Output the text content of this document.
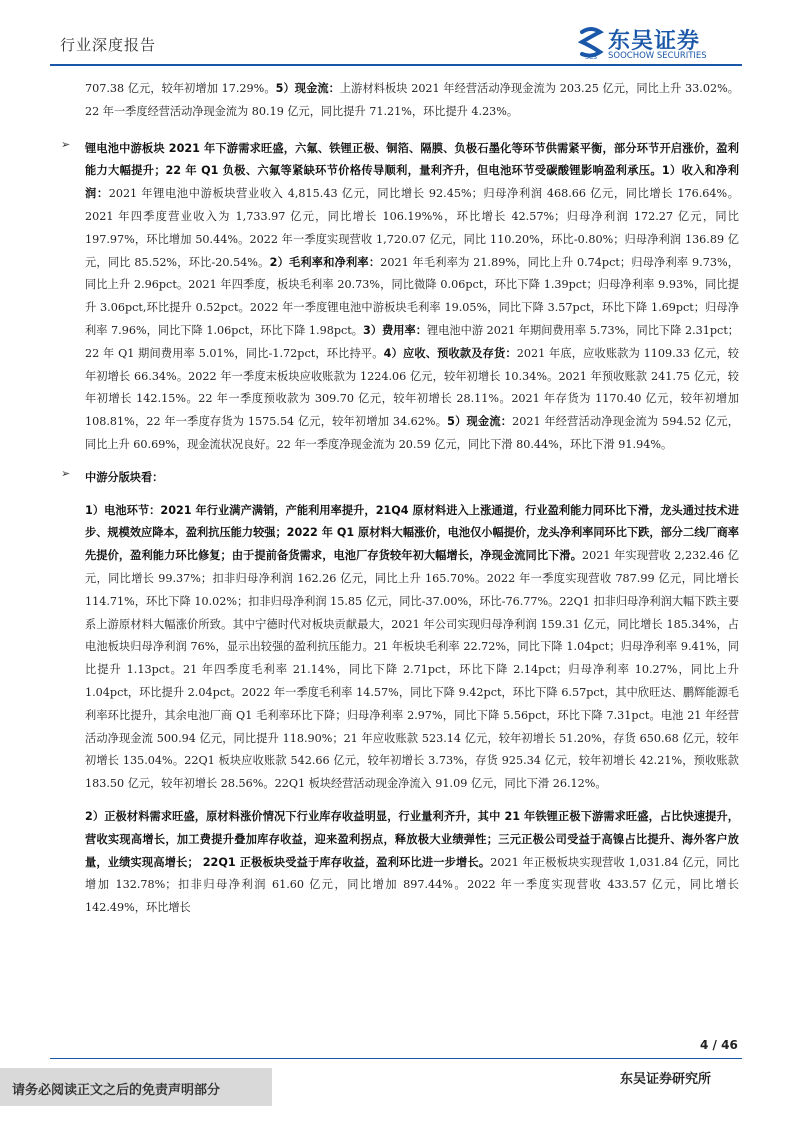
行业深度报告
SCS
东吴证券
SOOCHOW SECURITIES

707.38 亿元，较年初增加 17.29%。5）现金流：上游材料板块 2021 年经营活动净现金流为 203.25 亿元，同比上升 33.02%。22 年一季度经营活动净现金流为 80.19 亿元，同比提升 71.21%，环比提升 4.23%。

➢ 锂电池中游板块 2021 年下游需求旺盛，六氟、铁锂正极、铜箔、隔膜、负极石墨化等环节供需紧平衡，部分环节开启涨价，盈利能力大幅提升；22 年 Q1 负极、六氟等紧缺环节价格传导顺利，量利齐升，但电池环节受碳酸锂影响盈利承压。1）收入和净利润：2021 年锂电池中游板块营业收入 4,815.43 亿元，同比增长 92.45%；归母净利润 468.66 亿元，同比增长 176.64%。2021 年四季度营业收入为 1,733.97 亿元，同比增长 106.19%%，环比增长 42.57%；归母净利润 172.27 亿元，同比 197.97%，环比增加 50.44%。2022 年一季度实现营收 1,720.07 亿元，同比 110.20%，环比-0.80%；归母净利润 136.89 亿元，同比 85.52%，环比-20.54%。2）毛利率和净利率：2021 年毛利率为 21.89%，同比上升 0.74pct；归母净利率 9.73%，同比上升 2.96pct。2021 年四季度，板块毛利率 20.73%，同比微降 0.06pct，环比下降 1.39pct；归母净利率 9.93%，同比提升 3.06pct,环比提升 0.52pct。2022 年一季度锂电池中游板块毛利率 19.05%，同比下降 3.57pct，环比下降 1.69pct；归母净利率 7.96%，同比下降 1.06pct，环比下降 1.98pct。3）费用率：锂电池中游 2021 年期间费用率 5.73%，同比下降 2.31pct；22 年 Q1 期间费用率 5.01%，同比-1.72pct，环比持平。4）应收、预收款及存货：2021 年底，应收账款为 1109.33 亿元，较年初增长 66.34%。2022 年一季度末板块应收账款为 1224.06 亿元，较年初增长 10.34%。2021 年预收账款 241.75 亿元，较年初增长 142.15%。22 年一季度预收款为 309.70 亿元，较年初增长 28.11%。2021 年存货为 1170.40 亿元，较年初增加 108.81%，22 年一季度存货为 1575.54 亿元，较年初增加 34.62%。5）现金流：2021 年经营活动净现金流为 594.52 亿元，同比上升 60.69%，现金流状况良好。22 年一季度净现金流为 20.59 亿元，同比下滑 80.44%，环比下滑 91.94%。

➢ 中游分版块看：

1）电池环节：2021 年行业满产满销，产能利用率提升，21Q4 原材料进入上涨通道，行业盈利能力同环比下滑，龙头通过技术进步、规模效应降本，盈利抗压能力较强；2022 年 Q1 原材料大幅涨价，电池仅小幅提价，龙头净利率同环比下跌，部分二线厂商率先提价，盈利能力环比修复；由于提前备货需求，电池厂存货较年初大幅增长，净现金流同比下滑。2021 年实现营收 2,232.46 亿元，同比增长 99.37%；扣非归母净利润 162.26 亿元，同比上升 165.70%。2022 年一季度实现营收 787.99 亿元，同比增长 114.71%，环比下降 10.02%；扣非归母净利润 15.85 亿元，同比-37.00%，环比-76.77%。22Q1 扣非归母净利润大幅下跌主要系上游原材料大幅涨价所致。其中宁德时代对板块贡献最大，2021 年公司实现归母净利润 159.31 亿元，同比增长 185.34%，占电池板块归母净利润 76%，显示出较强的盈利抗压能力。21 年板块毛利率 22.72%，同比下降 1.04pct；归母净利率 9.41%，同比提升 1.13pct。21 年四季度毛利率 21.14%，同比下降 2.71pct，环比下降 2.14pct；归母净利率 10.27%，同比上升 1.04pct，环比提升 2.04pct。2022 年一季度毛利率 14.57%，同比下降 9.42pct，环比下降 6.57pct，其中欣旺达、鹏辉能源毛利率环比提升，其余电池厂商 Q1 毛利率环比下降；归母净利率 2.97%，同比下降 5.56pct，环比下降 7.31pct。电池 21 年经营活动净现金流 500.94 亿元，同比提升 118.90%；21 年应收账款 523.14 亿元，较年初增长 51.20%，存货 650.68 亿元，较年初增长 135.04%。22Q1 板块应收账款 542.66 亿元，较年初增长 3.73%，存货 925.34 亿元，较年初增长 42.21%，预收账款 183.50 亿元，较年初增长 28.56%。22Q1 板块经营活动现金净流入 91.09 亿元，同比下滑 26.12%。

2）正极材料需求旺盛，原材料涨价情况下行业库存收益明显，行业量利齐升，其中 21 年铁锂正极下游需求旺盛，占比快速提升，营收实现高增长，加工费提升叠加库存收益，迎来盈利拐点，释放极大业绩弹性；三元正极公司受益于高镍占比提升、海外客户放量，业绩实现高增长； 22Q1 正极板块受益于库存收益，盈利环比进一步增长。2021 年正极板块实现营收 1,031.84 亿元，同比增加 132.78%；扣非归母净利润 61.60 亿元，同比增加 897.44%。2022 年一季度实现营收 433.57 亿元，同比增长 142.49%，环比增长

4 / 46
请务必阅读正文之后的免责声明部分
东吴证券研究所
